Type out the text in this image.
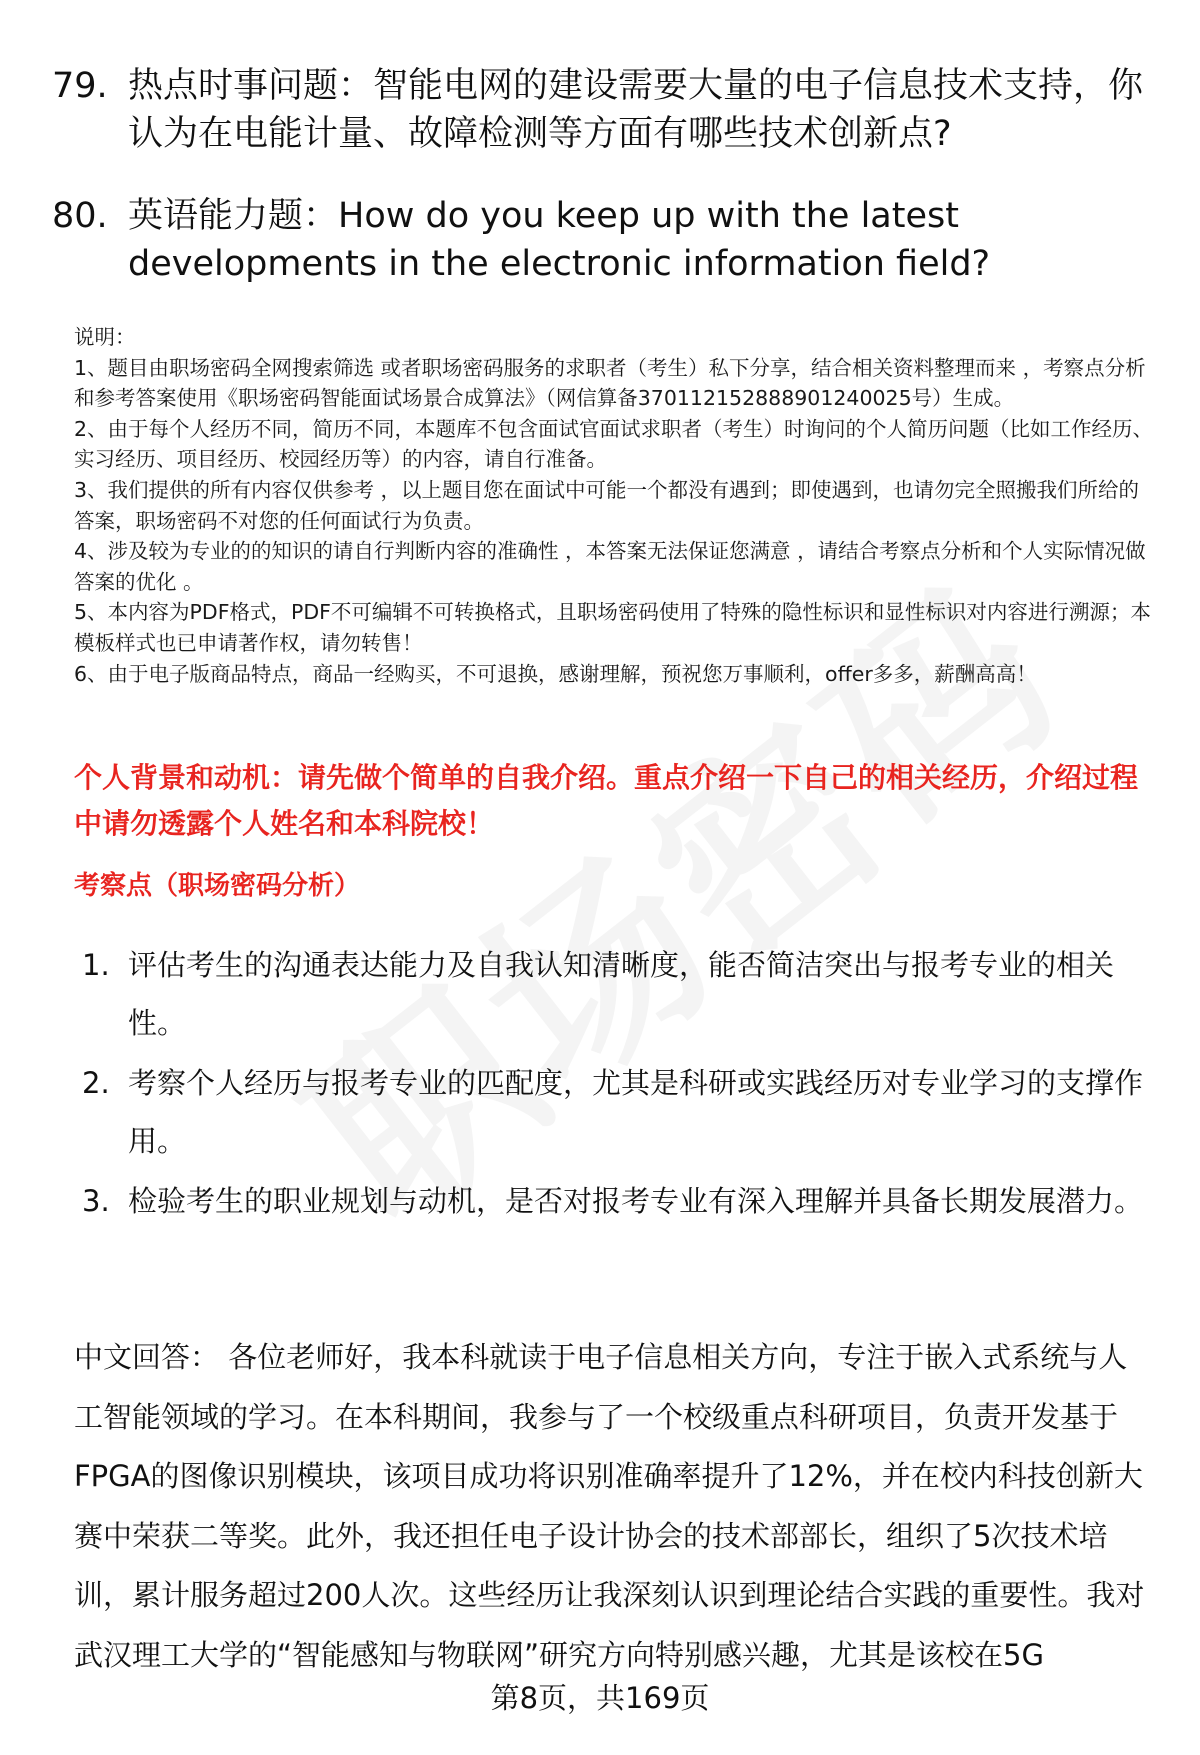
79. 热点时事问题：智能电网的建设需要大量的电子信息技术支持，你认为在电能计量、故障检测等方面有哪些技术创新点?
80. 英语能力题：How do you keep up with the latest developments in the electronic information field?

说明：

1、题目由职场密码全网搜索筛选 或者职场密码服务的求职者（考生）私下分享，结合相关资料整理而来 ，考察点分析和参考答案使用《职场密码智能面试场景合成算法》（网信算备370112152888901240025号）生成。

2、由于每个人经历不同，简历不同，本题库不包含面试官面试求职者（考生）时询问的个人简历问题（比如工作经历、实习经历、项目经历、校园经历等）的内容，请自行准备。

3、我们提供的所有内容仅供参考 ，以上题目您在面试中可能一个都没有遇到；即使遇到，也请勿完全照搬我们所给的答案，职场密码不对您的任何面试行为负责。

4、涉及较为专业的的知识的请自行判断内容的准确性 ，本答案无法保证您满意 ，请结合考察点分析和个人实际情况做答案的优化 。

5、本内容为PDF格式，PDF不可编辑不可转换格式，且职场密码使用了特殊的隐性标识和显性标识对内容进行溯源；本模板样式也已申请著作权，请勿转售！

6、由于电子版商品特点，商品一经购买，不可退换，感谢理解，预祝您万事顺利，offer多多，薪酬高高！

个人背景和动机：请先做个简单的自我介绍。重点介绍一下自己的相关经历，介绍过程中请勿透露个人姓名和本科院校！
考察点（职场密码分析）
1. 评估考生的沟通表达能力及自我认知清晰度，能否简洁突出与报考专业的相关性。
2. 考察个人经历与报考专业的匹配度，尤其是科研或实践经历对专业学习的支撑作用。
3. 检验考生的职业规划与动机，是否对报考专业有深入理解并具备长期发展潜力。

中文回答： 各位老师好，我本科就读于电子信息相关方向，专注于嵌入式系统与人工智能领域的学习。在本科期间，我参与了一个校级重点科研项目，负责开发基于FPGA的图像识别模块，该项目成功将识别准确率提升了12%，并在校内科技创新大赛中荣获二等奖。此外，我还担任电子设计协会的技术部部长，组织了5次技术培训，累计服务超过200人次。这些经历让我深刻认识到理论结合实践的重要性。我对武汉理工大学的“智能感知与物联网”研究方向特别感兴趣，尤其是该校在5G

第8页，共169页
